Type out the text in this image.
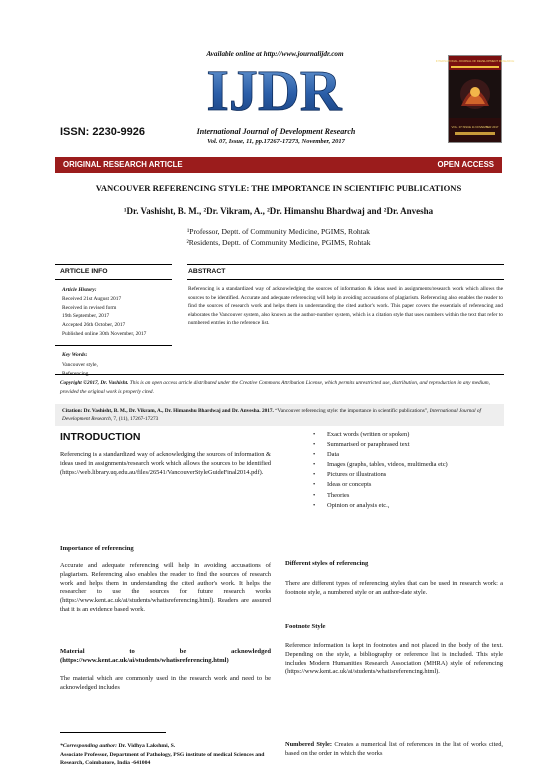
Available online at http://www.journalijdr.com
IJDR
ISSN: 2230-9926	International Journal of Development Research
Vol. 07, Issue, 11, pp.17267-17273, November, 2017
INTERNATIONAL JOURNAL OF DEVELOPMENT RESEARCH
VOL. 07 ISSUE 11 NOVEMBER 2017
ORIGINAL RESEARCH ARTICLE	OPEN ACCESS
VANCOUVER REFERENCING STYLE: THE IMPORTANCE IN SCIENTIFIC PUBLICATIONS
¹Dr. Vashisht, B. M., ²Dr. Vikram, A., ²Dr. Himanshu Bhardwaj and ²Dr. Anvesha
¹Professor, Deptt. of Community Medicine, PGIMS, Rohtak
²Residents, Deptt. of Community Medicine, PGIMS, Rohtak
ARTICLE INFO	ABSTRACT
Article History:
Received 21st August 2017
Received in revised form
19th September, 2017
Accepted 26th October, 2017
Published online 30th November, 2017
Key Words:
Vancouver style,
Referencing.
Referencing is a standardized way of acknowledging the sources of information & ideas used in assignments/research work which allows the sources to be identified. Accurate and adequate referencing will help in avoiding accusations of plagiarism. Referencing also enables the reader to find the sources of research work and helps them in understanding the cited author's work. This paper covers the essentials of referencing and elaborates the Vancouver system, also known as the author-number system, which is a citation style that uses numbers within the text that refer to numbered entries in the reference list.
Copyright ©2017, Dr. Vashisht. This is an open access article distributed under the Creative Commons Attribution License, which permits unrestricted use, distribution, and reproduction in any medium, provided the original work is properly cited.
Citation: Dr. Vashisht, B. M., Dr. Vikram, A., Dr. Himanshu Bhardwaj and Dr. Anvesha. 2017. “Vancouver referencing style: the importance in scientific publications”, International Journal of Development Research, 7, (11), 17267-17273
INTRODUCTION
Referencing is a standardized way of acknowledging the sources of information & ideas used in assignments/research work which allows the sources to be identified (https://web.library.uq.edu.au/files/26541/VancouverStyleGuideFinal2014.pdf).
Importance of referencing
Accurate and adequate referencing will help in avoiding accusations of plagiarism. Referencing also enables the reader to find the sources of research work and helps them in understanding the cited author's work. It helps the researcher to use the sources for future research works (https://www.kent.ac.uk/ai/students/whatisreferencing.html). Readers are assured that it is an evidence based work.
Material to be acknowledged (https://www.kent.ac.uk/ai/students/whatisreferencing.html)
The material which are commonly used in the research work and need to be acknowledged includes
*Corresponding author: Dr. Vidhya Lakshmi, S.
Associate Professor, Department of Pathology, PSG institute of medical Sciences and Research, Coimbatore, India -641004
• Exact words (written or spoken)
• Summarised or paraphrased text
• Data
• Images (graphs, tables, videos, multimedia etc)
• Pictures or illustrations
• Ideas or concepts
• Theories
• Opinion or analysis etc.,
Different styles of referencing
There are different types of referencing styles that can be used in research work: a footnote style, a numbered style or an author-date style.
Footnote Style
Reference information is kept in footnotes and not placed in the body of the text. Depending on the style, a bibliography or reference list is included. This style includes Modern Humanities Research Association (MHRA) style of referencing (https://www.kent.ac.uk/ai/students/whatisreferencing.html).
Numbered Style: Creates a numerical list of references in the list of works cited, based on the order in which the works
